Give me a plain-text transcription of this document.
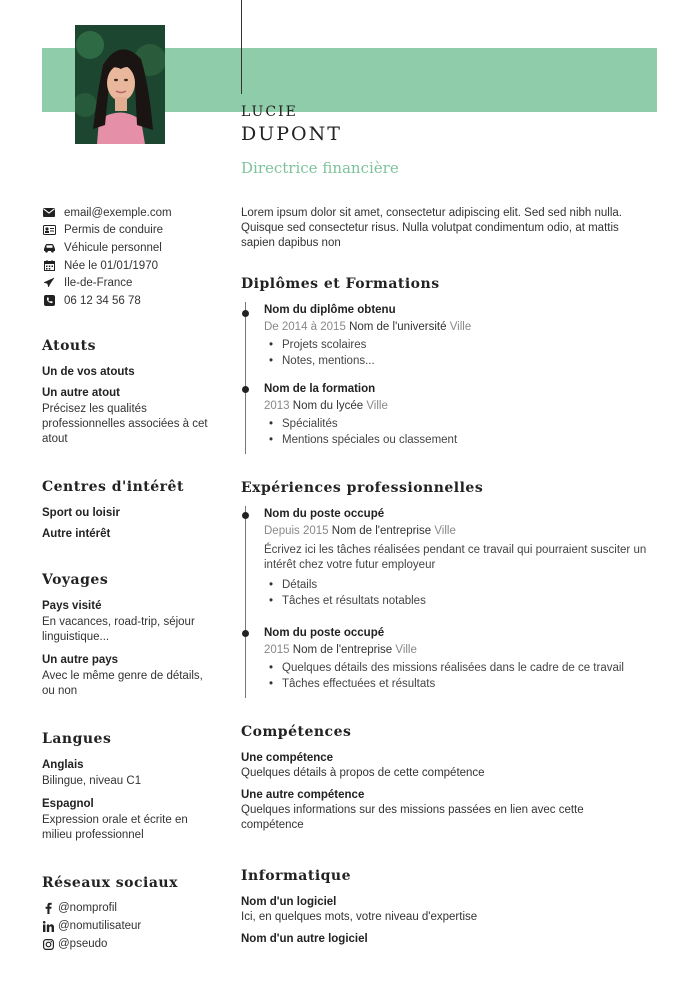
LUCIE
DUPONT
Directrice financière
email@exemple.com
Permis de conduire
Véhicule personnel
Née le 01/01/1970
Ile-de-France
06 12 34 56 78
Atouts
Un de vos atouts
Un autre atout
Précisez les qualités professionnelles associées à cet atout
Centres d'intérêt
Sport ou loisir
Autre intérêt
Voyages
Pays visité
En vacances, road-trip, séjour linguistique...
Un autre pays
Avec le même genre de détails, ou non
Langues
Anglais
Bilingue, niveau C1
Espagnol
Expression orale et écrite en milieu professionnel
Réseaux sociaux
@nomprofil
@nomutilisateur
@pseudo
Lorem ipsum dolor sit amet, consectetur adipiscing elit. Sed sed nibh nulla. Quisque sed consectetur risus. Nulla volutpat condimentum odio, at mattis sapien dapibus non
Diplômes et Formations
Nom du diplôme obtenu
De 2014 à 2015 Nom de l'université Ville
• Projets scolaires
• Notes, mentions...
Nom de la formation
2013 Nom du lycée Ville
• Spécialités
• Mentions spéciales ou classement
Expériences professionnelles
Nom du poste occupé
Depuis 2015 Nom de l'entreprise Ville
Écrivez ici les tâches réalisées pendant ce travail qui pourraient susciter un intérêt chez votre futur employeur
• Détails
• Tâches et résultats notables
Nom du poste occupé
2015 Nom de l'entreprise Ville
• Quelques détails des missions réalisées dans le cadre de ce travail
• Tâches effectuées et résultats
Compétences
Une compétence
Quelques détails à propos de cette compétence
Une autre compétence
Quelques informations sur des missions passées en lien avec cette compétence
Informatique
Nom d'un logiciel
Ici, en quelques mots, votre niveau d'expertise
Nom d'un autre logiciel
